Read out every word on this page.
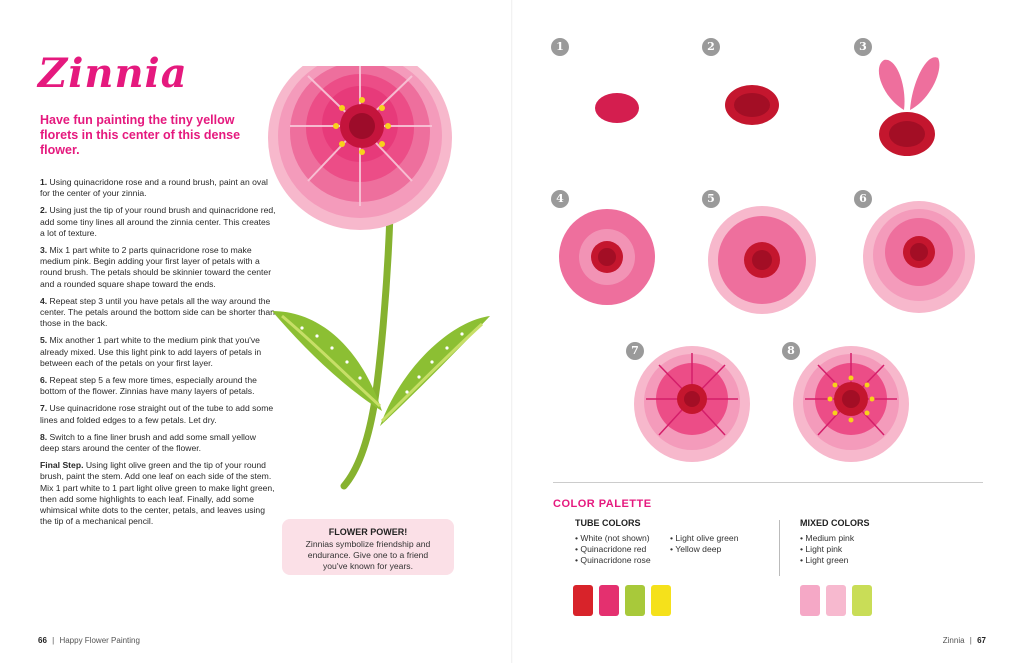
Zinnia
Have fun painting the tiny yellow florets in this center of this dense flower.

1. Using quinacridone rose and a round brush, paint an oval for the center of your zinnia.

2. Using just the tip of your round brush and quinacridone red, add some tiny lines all around the zinnia center. This creates a lot of texture.

3. Mix 1 part white to 2 parts quinacridone rose to make medium pink. Begin adding your first layer of petals with a round brush. The petals should be skinnier toward the center and a rounded square shape toward the ends.

4. Repeat step 3 until you have petals all the way around the center. The petals around the bottom side can be shorter than those in the back.

5. Mix another 1 part white to the medium pink that you've already mixed. Use this light pink to add layers of petals in between each of the petals on your first layer.

6. Repeat step 5 a few more times, especially around the bottom of the flower. Zinnias have many layers of petals.

7. Use quinacridone rose straight out of the tube to add some lines and folded edges to a few petals. Let dry.

8. Switch to a fine liner brush and add some small yellow deep stars around the center of the flower.

Final Step. Using light olive green and the tip of your round brush, paint the stem. Add one leaf on each side of the stem. Mix 1 part white to 1 part light olive green to make light green, then add some highlights to each leaf. Finally, add some whimsical white dots to the center, petals, and leaves using the tip of a mechanical pencil.

FLOWER POWER!
Zinnias symbolize friendship and endurance. Give one to a friend you've known for years.
66 | Happy Flower Painting
1	2	3
4	5	6
7	8
COLOR PALETTE
TUBE COLORS
• White (not shown)
• Quinacridone red
• Quinacridone rose
• Light olive green
• Yellow deep
MIXED COLORS
• Medium pink
• Light pink
• Light green
Zinnia | 67
